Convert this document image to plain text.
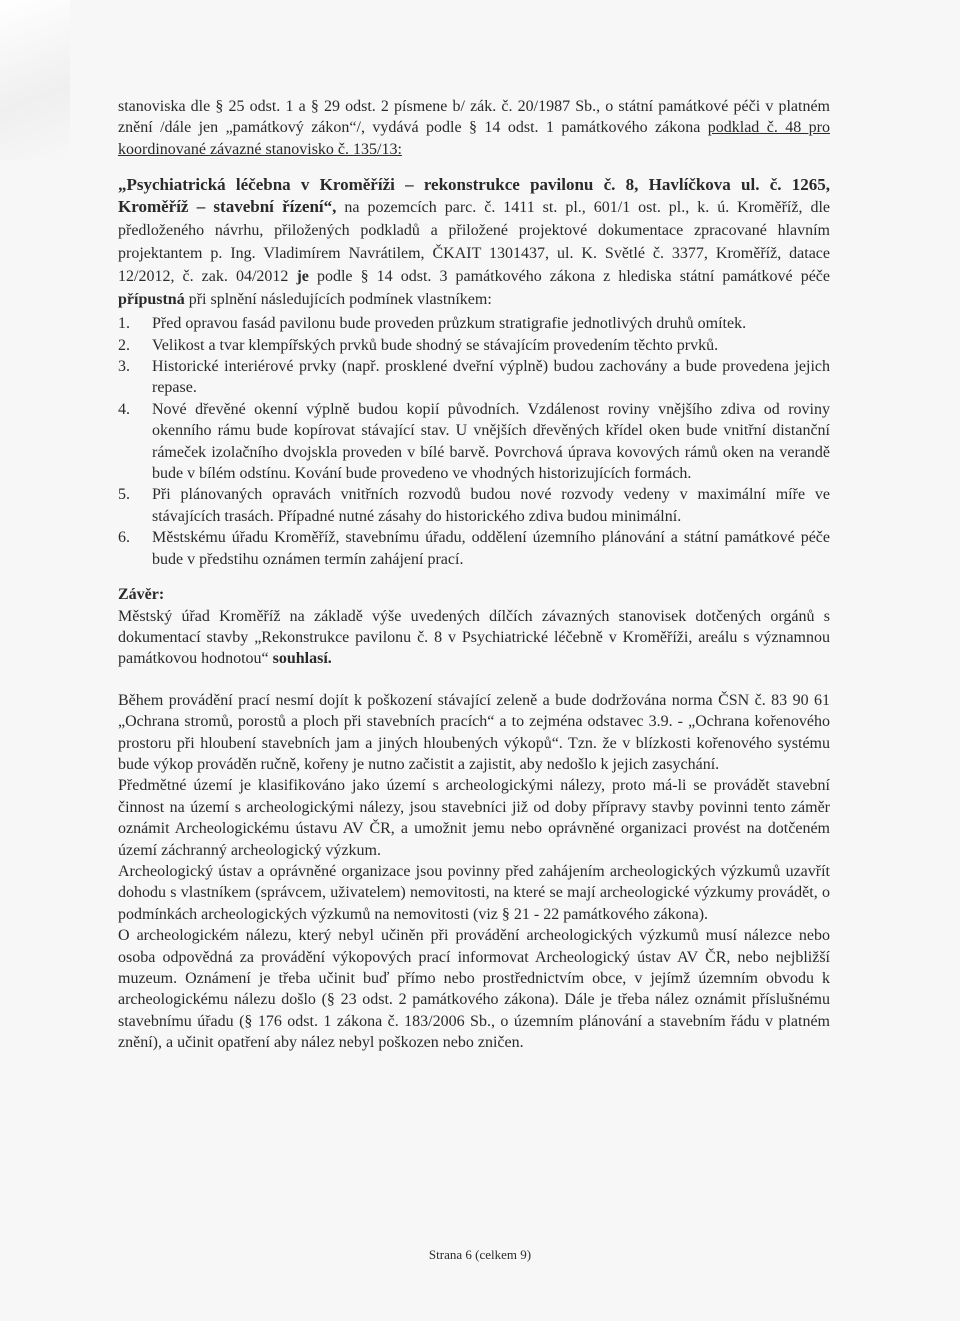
stanoviska dle § 25 odst. 1 a § 29 odst. 2 písmene b/ zák. č. 20/1987 Sb., o státní památkové péči v platném znění /dále jen „památkový zákon“/, vydává podle § 14 odst. 1 památkového zákona podklad č. 48 pro koordinované závazné stanovisko č. 135/13:

„Psychiatrická léčebna v Kroměříži – rekonstrukce pavilonu č. 8, Havlíčkova ul. č. 1265, Kroměříž – stavební řízení“, na pozemcích parc. č. 1411 st. pl., 601/1 ost. pl., k. ú. Kroměříž, dle předloženého návrhu, přiložených podkladů a přiložené projektové dokumentace zpracované hlavním projektantem p. Ing. Vladimírem Navrátilem, ČKAIT 1301437, ul. K. Světlé č. 3377, Kroměříž, datace 12/2012, č. zak. 04/2012 je podle § 14 odst. 3 památkového zákona z hlediska státní památkové péče přípustná při splnění následujících podmínek vlastníkem:

1. Před opravou fasád pavilonu bude proveden průzkum stratigrafie jednotlivých druhů omítek.
2. Velikost a tvar klempířských prvků bude shodný se stávajícím provedením těchto prvků.
3. Historické interiérové prvky (např. prosklené dveřní výplně) budou zachovány a bude provedena jejich repase.
4. Nové dřevěné okenní výplně budou kopií původních. Vzdálenost roviny vnějšího zdiva od roviny okenního rámu bude kopírovat stávající stav. U vnějších dřevěných křídel oken bude vnitřní distanční rámeček izolačního dvojskla proveden v bílé barvě. Povrchová úprava kovových rámů oken na verandě bude v bílém odstínu. Kování bude provedeno ve vhodných historizujících formách.
5. Při plánovaných opravách vnitřních rozvodů budou nové rozvody vedeny v maximální míře ve stávajících trasách. Případné nutné zásahy do historického zdiva budou minimální.
6. Městskému úřadu Kroměříž, stavebnímu úřadu, oddělení územního plánování a státní památkové péče bude v předstihu oznámen termín zahájení prací.

Závěr:

Městský úřad Kroměříž na základě výše uvedených dílčích závazných stanovisek dotčených orgánů s dokumentací stavby „Rekonstrukce pavilonu č. 8 v Psychiatrické léčebně v Kroměříži, areálu s významnou památkovou hodnotou“ souhlasí.

Během provádění prací nesmí dojít k poškození stávající zeleně a bude dodržována norma ČSN č. 83 90 61 „Ochrana stromů, porostů a ploch při stavebních pracích“ a to zejména odstavec 3.9. - „Ochrana kořenového prostoru při hloubení stavebních jam a jiných hloubených výkopů“. Tzn. že v blízkosti kořenového systému bude výkop prováděn ručně, kořeny je nutno začistit a zajistit, aby nedošlo k jejich zasychání.

Předmětné území je klasifikováno jako území s archeologickými nálezy, proto má-li se provádět stavební činnost na území s archeologickými nálezy, jsou stavebníci již od doby přípravy stavby povinni tento záměr oznámit Archeologickému ústavu AV ČR, a umožnit jemu nebo oprávněné organizaci provést na dotčeném území záchranný archeologický výzkum.

Archeologický ústav a oprávněné organizace jsou povinny před zahájením archeologických výzkumů uzavřít dohodu s vlastníkem (správcem, uživatelem) nemovitosti, na které se mají archeologické výzkumy provádět, o podmínkách archeologických výzkumů na nemovitosti (viz § 21 - 22 památkového zákona).

O archeologickém nálezu, který nebyl učiněn při provádění archeologických výzkumů musí nálezce nebo osoba odpovědná za provádění výkopových prací informovat Archeologický ústav AV ČR, nebo nejbližší muzeum. Oznámení je třeba učinit buď přímo nebo prostřednictvím obce, v jejímž územním obvodu k archeologickému nálezu došlo (§ 23 odst. 2 památkového zákona). Dále je třeba nález oznámit příslušnému stavebnímu úřadu (§ 176 odst. 1 zákona č. 183/2006 Sb., o územním plánování a stavebním řádu v platném znění), a učinit opatření aby nález nebyl poškozen nebo zničen.

Strana 6 (celkem 9)
